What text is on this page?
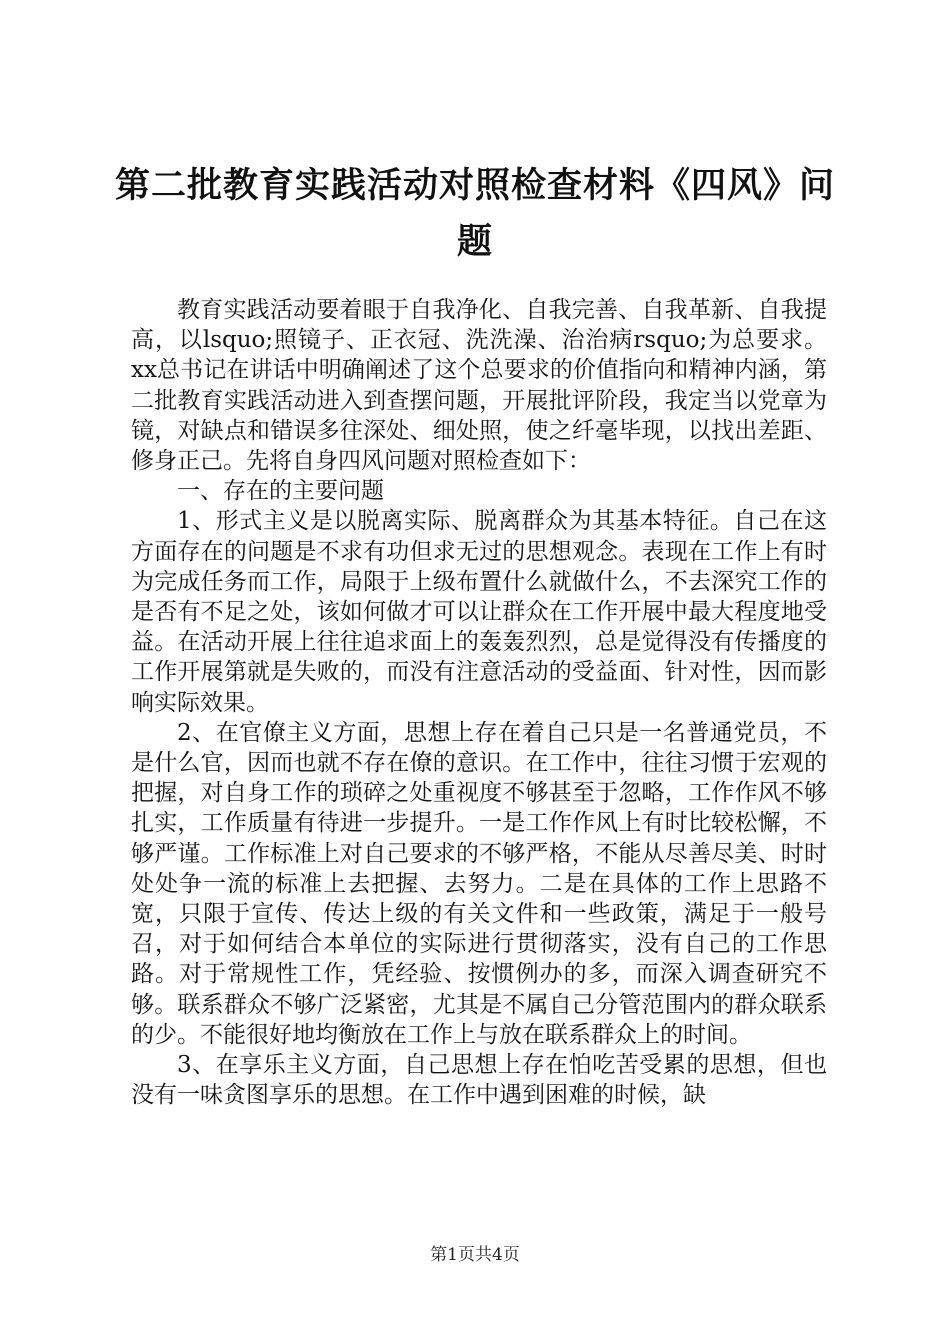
第二批教育实践活动对照检查材料《四风》问题

教育实践活动要着眼于自我净化、自我完善、自我革新、自我提高，以lsquo;照镜子、正衣冠、洗洗澡、治治病rsquo;为总要求。xx总书记在讲话中明确阐述了这个总要求的价值指向和精神内涵，第二批教育实践活动进入到查摆问题，开展批评阶段，我定当以党章为镜，对缺点和错误多往深处、细处照，使之纤毫毕现，以找出差距、修身正己。先将自身四风问题对照检查如下：

一、存在的主要问题

1、形式主义是以脱离实际、脱离群众为其基本特征。自己在这方面存在的问题是不求有功但求无过的思想观念。表现在工作上有时为完成任务而工作，局限于上级布置什么就做什么，不去深究工作的是否有不足之处，该如何做才可以让群众在工作开展中最大程度地受益。在活动开展上往往追求面上的轰轰烈烈，总是觉得没有传播度的工作开展第就是失败的，而没有注意活动的受益面、针对性，因而影响实际效果。

2、在官僚主义方面，思想上存在着自己只是一名普通党员，不是什么官，因而也就不存在僚的意识。在工作中，往往习惯于宏观的把握，对自身工作的琐碎之处重视度不够甚至于忽略，工作作风不够扎实，工作质量有待进一步提升。一是工作作风上有时比较松懈，不够严谨。工作标准上对自己要求的不够严格，不能从尽善尽美、时时处处争一流的标准上去把握、去努力。二是在具体的工作上思路不宽，只限于宣传、传达上级的有关文件和一些政策，满足于一般号召，对于如何结合本单位的实际进行贯彻落实，没有自己的工作思路。对于常规性工作，凭经验、按惯例办的多，而深入调查研究不够。联系群众不够广泛紧密，尤其是不属自己分管范围内的群众联系的少。不能很好地均衡放在工作上与放在联系群众上的时间。

3、在享乐主义方面，自己思想上存在怕吃苦受累的思想，但也没有一味贪图享乐的思想。在工作中遇到困难的时候，缺

第1页共4页
